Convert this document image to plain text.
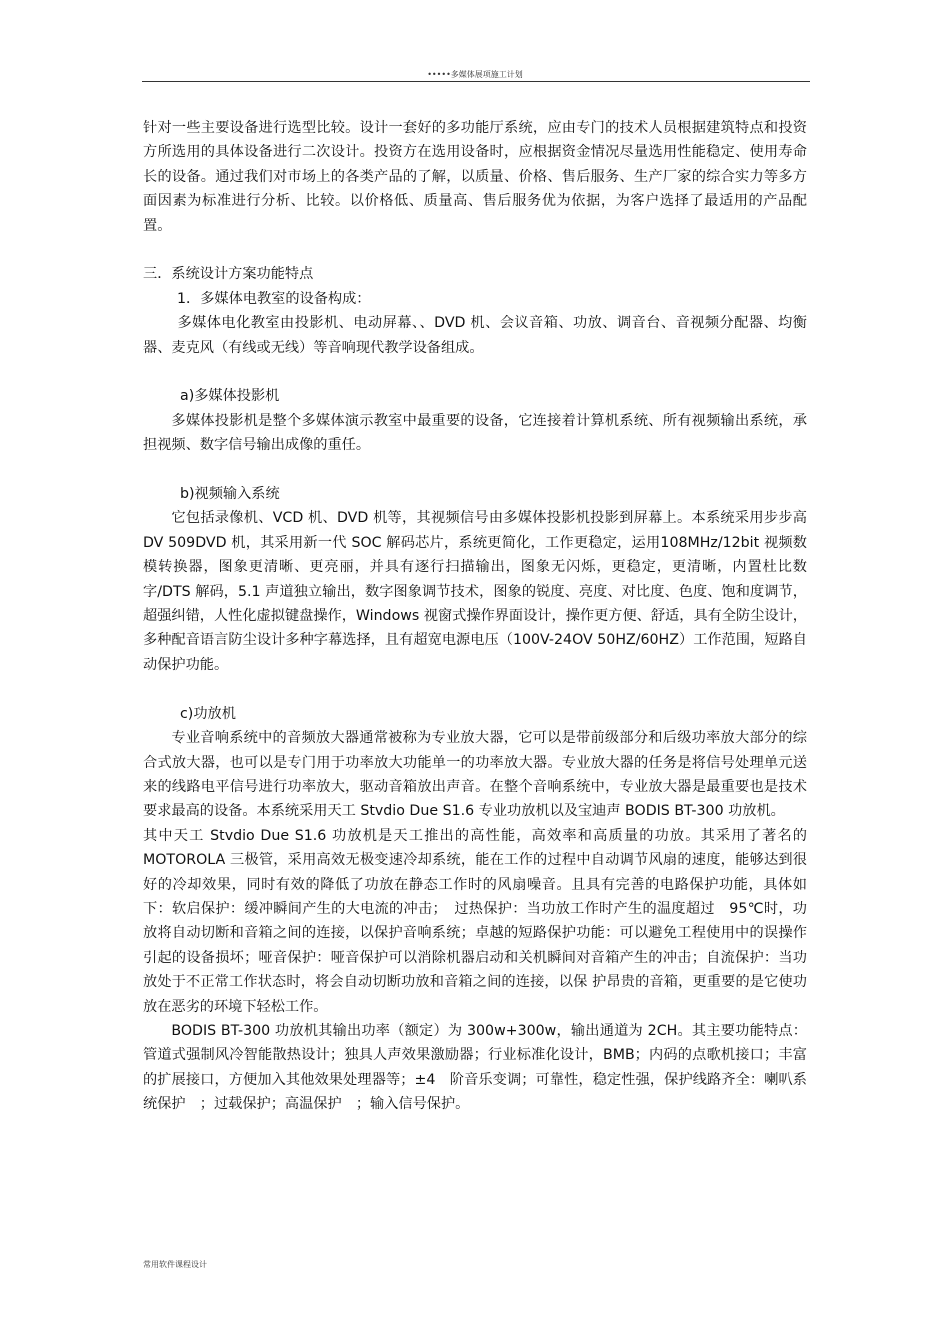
•••••多媒体展项施工计划

针对一些主要设备进行选型比较。设计一套好的多功能厅系统，应由专门的技术人员根据建筑特点和投资方所选用的具体设备进行二次设计。投资方在选用设备时，应根据资金情况尽量选用性能稳定、使用寿命长的设备。通过我们对市场上的各类产品的了解，以质量、价格、售后服务、生产厂家的综合实力等多方面因素为标准进行分析、比较。以价格低、质量高、售后服务优为依据，为客户选择了最适用的产品配置。

三．系统设计方案功能特点

1．多媒体电教室的设备构成：

多媒体电化教室由投影机、电动屏幕、、DVD 机、会议音箱、功放、调音台、音视频分配器、均衡器、麦克风（有线或无线）等音响现代教学设备组成。

a)多媒体投影机

多媒体投影机是整个多媒体演示教室中最重要的设备，它连接着计算机系统、所有视频输出系统，承担视频、数字信号输出成像的重任。

b)视频输入系统

它包括录像机、VCD 机、DVD 机等，其视频信号由多媒体投影机投影到屏幕上。本系统采用步步高 DV 509DVD 机，其采用新一代 SOC 解码芯片，系统更简化，工作更稳定，运用108MHz/12bit 视频数模转换器，图象更清晰、更亮丽，并具有逐行扫描输出，图象无闪烁，更稳定，更清晰，内置杜比数字/DTS 解码，5.1 声道独立输出，数字图象调节技术，图象的锐度、亮度、对比度、色度、饱和度调节，超强纠错，人性化虚拟键盘操作，Windows 视窗式操作界面设计，操作更方便、舒适，具有全防尘设计，多种配音语言防尘设计多种字幕选择，且有超宽电源电压（100V-24OV 50HZ/60HZ）工作范围，短路自动保护功能。

c)功放机

专业音响系统中的音频放大器通常被称为专业放大器，它可以是带前级部分和后级功率放大部分的综合式放大器，也可以是专门用于功率放大功能单一的功率放大器。专业放大器的任务是将信号处理单元送来的线路电平信号进行功率放大，驱动音箱放出声音。在整个音响系统中，专业放大器是最重要也是技术要求最高的设备。本系统采用天工 Stvdio Due S1.6 专业功放机以及宝迪声 BODIS BT-300 功放机。

其中天工 Stvdio Due S1.6 功放机是天工推出的高性能，高效率和高质量的功放。其采用了著名的 MOTOROLA 三极管，采用高效无极变速冷却系统，能在工作的过程中自动调节风扇的速度，能够达到很好的冷却效果，同时有效的降低了功放在静态工作时的风扇噪音。且具有完善的电路保护功能，具体如下：软启保护：缓冲瞬间产生的大电流的冲击；　过热保护：当功放工作时产生的温度超过　95℃时，功放将自动切断和音箱之间的连接，以保护音响系统；卓越的短路保护功能：可以避免工程使用中的误操作引起的设备损坏；哑音保护：哑音保护可以消除机器启动和关机瞬间对音箱产生的冲击；自流保护：当功放处于不正常工作状态时，将会自动切断功放和音箱之间的连接，以保 护昂贵的音箱，更重要的是它使功放在恶劣的环境下轻松工作。

BODIS BT-300 功放机其输出功率（额定）为 300w+300w，输出通道为 2CH。其主要功能特点：管道式强制风冷智能散热设计；独具人声效果激励器；行业标准化设计，BMB；内码的点歌机接口；丰富的扩展接口，方便加入其他效果处理器等；±4　阶音乐变调；可靠性，稳定性强，保护线路齐全：喇叭系统保护　；过载保护；高温保护　；输入信号保护。

常用软件课程设计
